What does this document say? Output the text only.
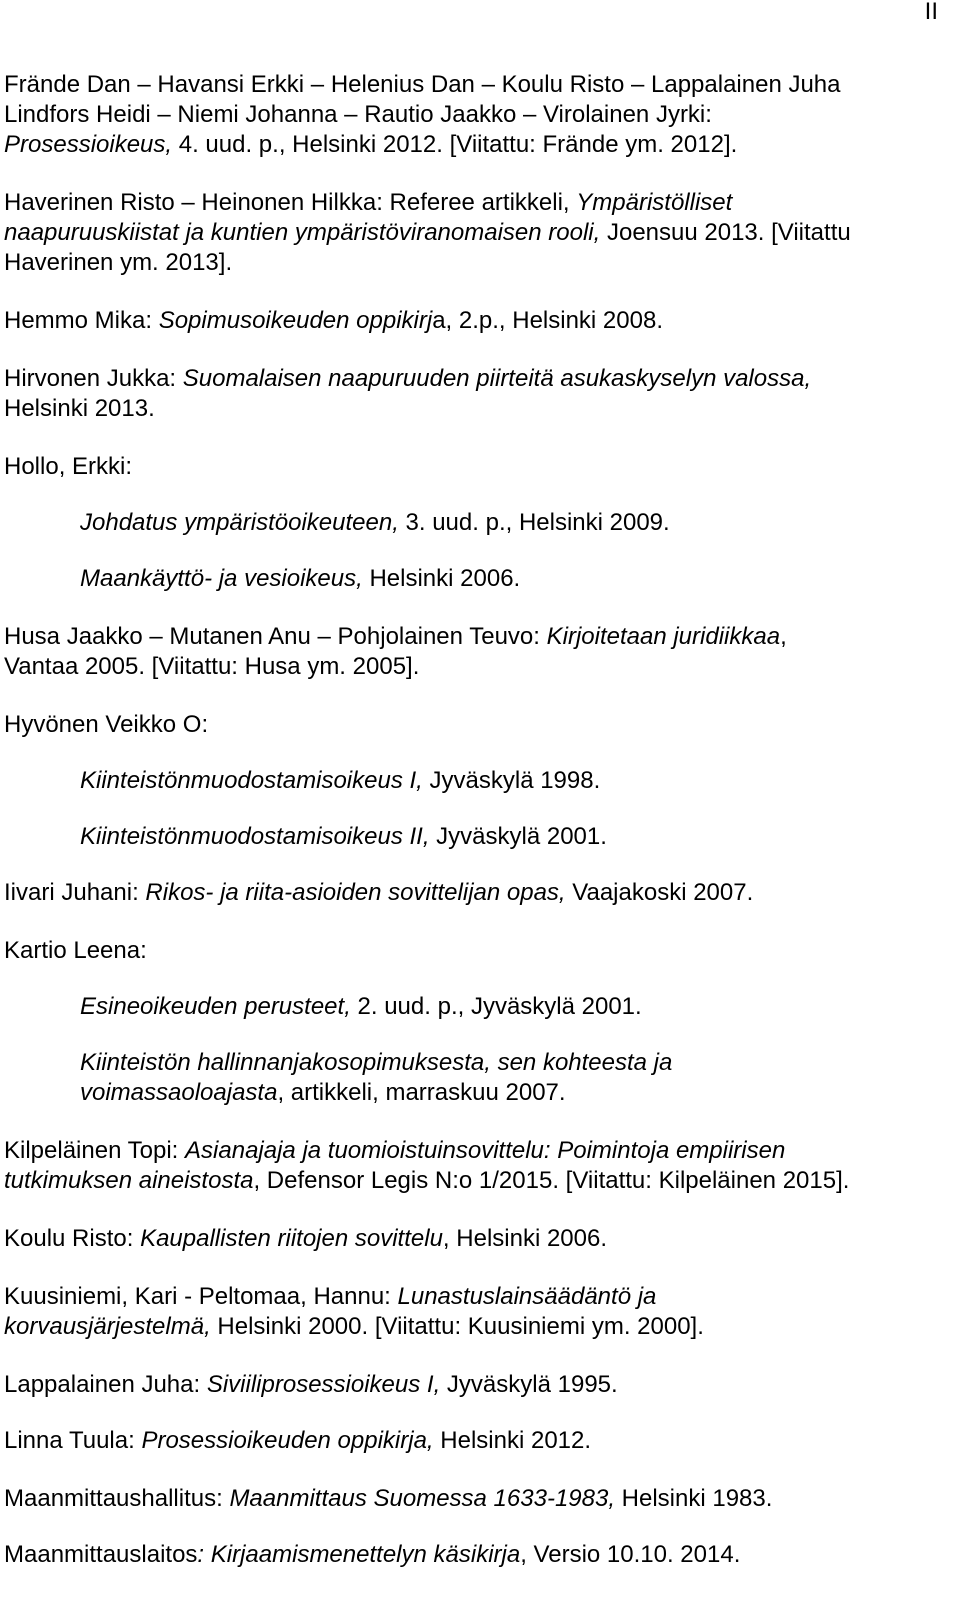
II

Frände Dan – Havansi Erkki – Helenius Dan – Koulu Risto – Lappalainen Juha

Lindfors Heidi – Niemi Johanna – Rautio Jaakko – Virolainen Jyrki:

Prosessioikeus, 4. uud. p., Helsinki 2012. [Viitattu: Frände ym. 2012].

Haverinen Risto – Heinonen Hilkka: Referee artikkeli, Ympäristölliset

naapuruuskiistat ja kuntien ympäristöviranomaisen rooli, Joensuu 2013. [Viitattu

Haverinen ym. 2013].

Hemmo Mika: Sopimusoikeuden oppikirja, 2.p., Helsinki 2008.

Hirvonen Jukka: Suomalaisen naapuruuden piirteitä asukaskyselyn valossa,

Helsinki 2013.

Hollo, Erkki:

Johdatus ympäristöoikeuteen, 3. uud. p., Helsinki 2009.

Maankäyttö- ja vesioikeus, Helsinki 2006.

Husa Jaakko – Mutanen Anu – Pohjolainen Teuvo: Kirjoitetaan juridiikkaa,

Vantaa 2005. [Viitattu: Husa ym. 2005].

Hyvönen Veikko O:

Kiinteistönmuodostamisoikeus I, Jyväskylä 1998.

Kiinteistönmuodostamisoikeus II, Jyväskylä 2001.

Iivari Juhani: Rikos- ja riita-asioiden sovittelijan opas, Vaajakoski 2007.

Kartio Leena:

Esineoikeuden perusteet, 2. uud. p., Jyväskylä 2001.

Kiinteistön hallinnanjakosopimuksesta, sen kohteesta ja

voimassaoloajasta, artikkeli, marraskuu 2007.

Kilpeläinen Topi: Asianajaja ja tuomioistuinsovittelu: Poimintoja empiirisen

tutkimuksen aineistosta, Defensor Legis N:o 1/2015. [Viitattu: Kilpeläinen 2015].

Koulu Risto: Kaupallisten riitojen sovittelu, Helsinki 2006.

Kuusiniemi, Kari - Peltomaa, Hannu: Lunastuslainsäädäntö ja

korvausjärjestelmä, Helsinki 2000. [Viitattu: Kuusiniemi ym. 2000].

Lappalainen Juha: Siviiliprosessioikeus I, Jyväskylä 1995.

Linna Tuula: Prosessioikeuden oppikirja, Helsinki 2012.

Maanmittaushallitus: Maanmittaus Suomessa 1633-1983, Helsinki 1983.

Maanmittauslaitos: Kirjaamismenettelyn käsikirja, Versio 10.10. 2014.
